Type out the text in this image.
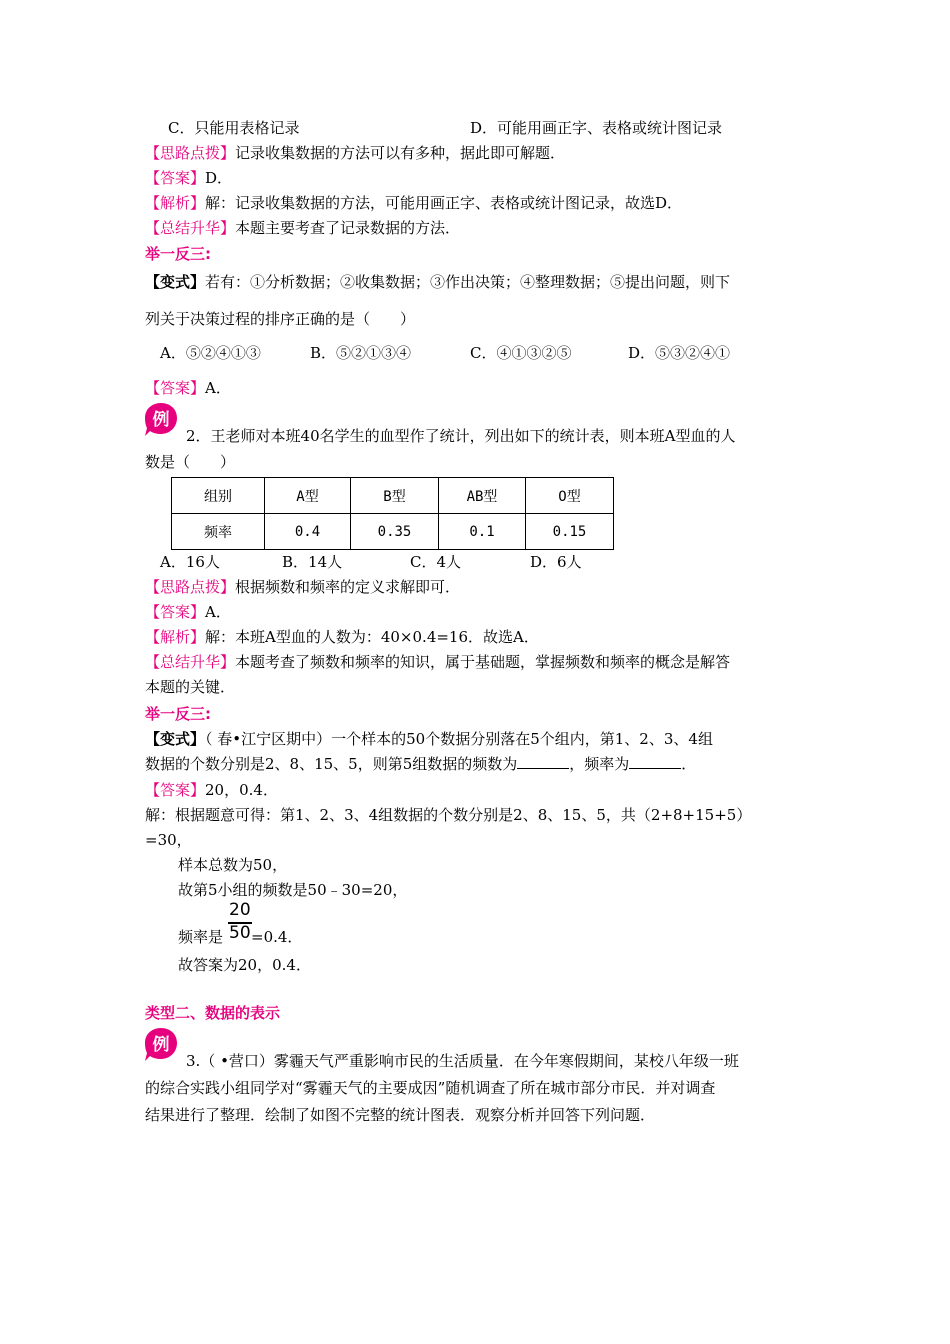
C．只能用表格记录	D．可能用画正字、表格或统计图记录
【思路点拨】记录收集数据的方法可以有多种，据此即可解题．
【答案】D．
【解析】解：记录收集数据的方法，可能用画正字、表格或统计图记录，故选D．
【总结升华】本题主要考查了记录数据的方法．
举一反三:
【变式】若有：①分析数据；②收集数据；③作出决策；④整理数据；⑤提出问题，则下
列关于决策过程的排序正确的是（　　）
A．⑤②④①③	B．⑤②①③④	C．④①③②⑤	D．⑤③②④①
【答案】A．
例
2．王老师对本班40名学生的血型作了统计，列出如下的统计表，则本班A型血的人
数是（　　）
组别	A型	B型	AB型	O型
频率	0.4	0.35	0.1	0.15
A．16人	B．14人	C．4人	D．6人
【思路点拨】根据频数和频率的定义求解即可．
【答案】A．
【解析】解：本班A型血的人数为：40×0.4=16．故选A．
【总结升华】本题考查了频数和频率的知识，属于基础题，掌握频数和频率的概念是解答
本题的关键．
举一反三:
【变式】（ 春•江宁区期中）一个样本的50个数据分别落在5个组内，第1、2、3、4组
数据的个数分别是2、8、15、5，则第5组数据的频数为	，频率为	．
【答案】20，0.4．
解：根据题意可得：第1、2、3、4组数据的个数分别是2、8、15、5，共（2+8+15+5）
=30，
样本总数为50，
故第5小组的频数是50﹣30=20，
频率是
20
50 =0.4．
故答案为20，0.4．
类型二、数据的表示
例
3.（ •营口）雾霾天气严重影响市民的生活质量．在今年寒假期间，某校八年级一班
的综合实践小组同学对“雾霾天气的主要成因”随机调查了所在城市部分市民．并对调查
结果进行了整理．绘制了如图不完整的统计图表．观察分析并回答下列问题．
